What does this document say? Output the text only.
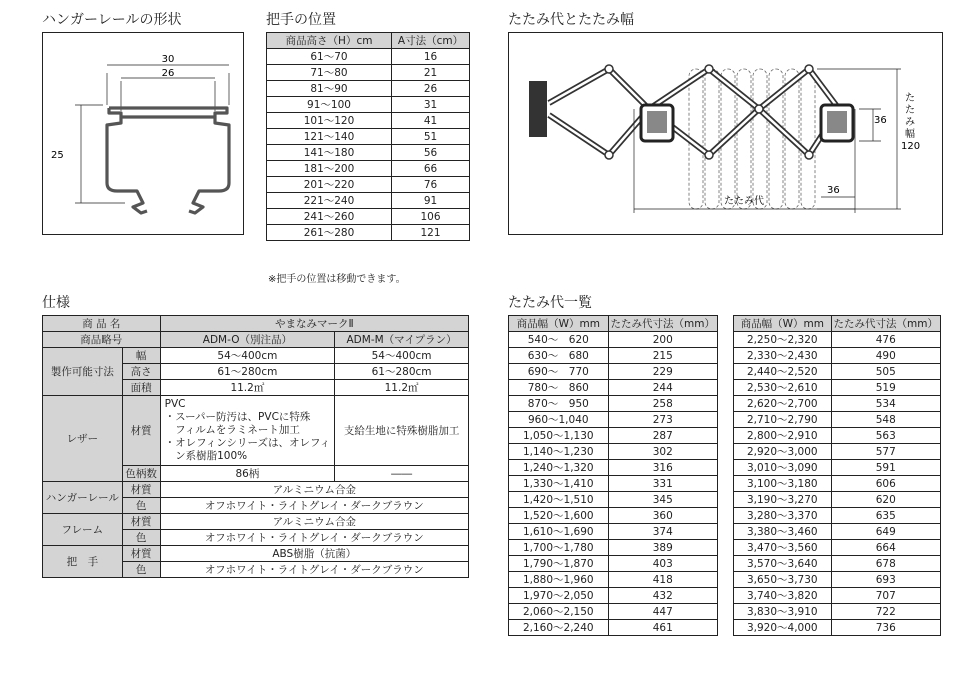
ハンガーレールの形状	把手の位置	たたみ代とたたみ幅
仕様	たたみ代一覧
30
26
25
商品高さ（H）cm	A寸法（cm）
61〜70	16
71〜80	21
81〜90	26
91〜100	31
101〜120	41
121〜140	51
141〜180	56
181〜200	66
201〜220	76
221〜240	91
241〜260	106
261〜280	121
※把手の位置は移動できます。
36
36
たたみ代
た
た
み
幅
120
商 品 名		やまなみマークⅡ	
商品略号		ADM-O（別注品）	ADM-M（マイプラン）
製作可能寸法	幅	54〜400cm	54〜400cm
	高さ	61〜280cm	61〜280cm
	面積	11.2㎡	11.2㎡
レザー	材質	PVC
・スーパー防汚は、PVCに特殊
　フィルムをラミネート加工
・オレフィンシリーズは、オレフィ
　ン系樹脂100%	支給生地に特殊樹脂加工
	色柄数	86柄	――
ハンガーレール	材質	アルミニウム合金	
	色	オフホワイト・ライトグレイ・ダークブラウン	
フレーム	材質	アルミニウム合金	
	色	オフホワイト・ライトグレイ・ダークブラウン	
把　手	材質	ABS樹脂（抗菌）	
	色	オフホワイト・ライトグレイ・ダークブラウン	
商品幅（W）mm	たたみ代寸法（mm）
540〜　620	200
630〜　680	215
690〜　770	229
780〜　860	244
870〜　950	258
960〜1,040	273
1,050〜1,130	287
1,140〜1,230	302
1,240〜1,320	316
1,330〜1,410	331
1,420〜1,510	345
1,520〜1,600	360
1,610〜1,690	374
1,700〜1,780	389
1,790〜1,870	403
1,880〜1,960	418
1,970〜2,050	432
2,060〜2,150	447
2,160〜2,240	461
商品幅（W）mm	たたみ代寸法（mm）
2,250〜2,320	476
2,330〜2,430	490
2,440〜2,520	505
2,530〜2,610	519
2,620〜2,700	534
2,710〜2,790	548
2,800〜2,910	563
2,920〜3,000	577
3,010〜3,090	591
3,100〜3,180	606
3,190〜3,270	620
3,280〜3,370	635
3,380〜3,460	649
3,470〜3,560	664
3,570〜3,640	678
3,650〜3,730	693
3,740〜3,820	707
3,830〜3,910	722
3,920〜4,000	736
